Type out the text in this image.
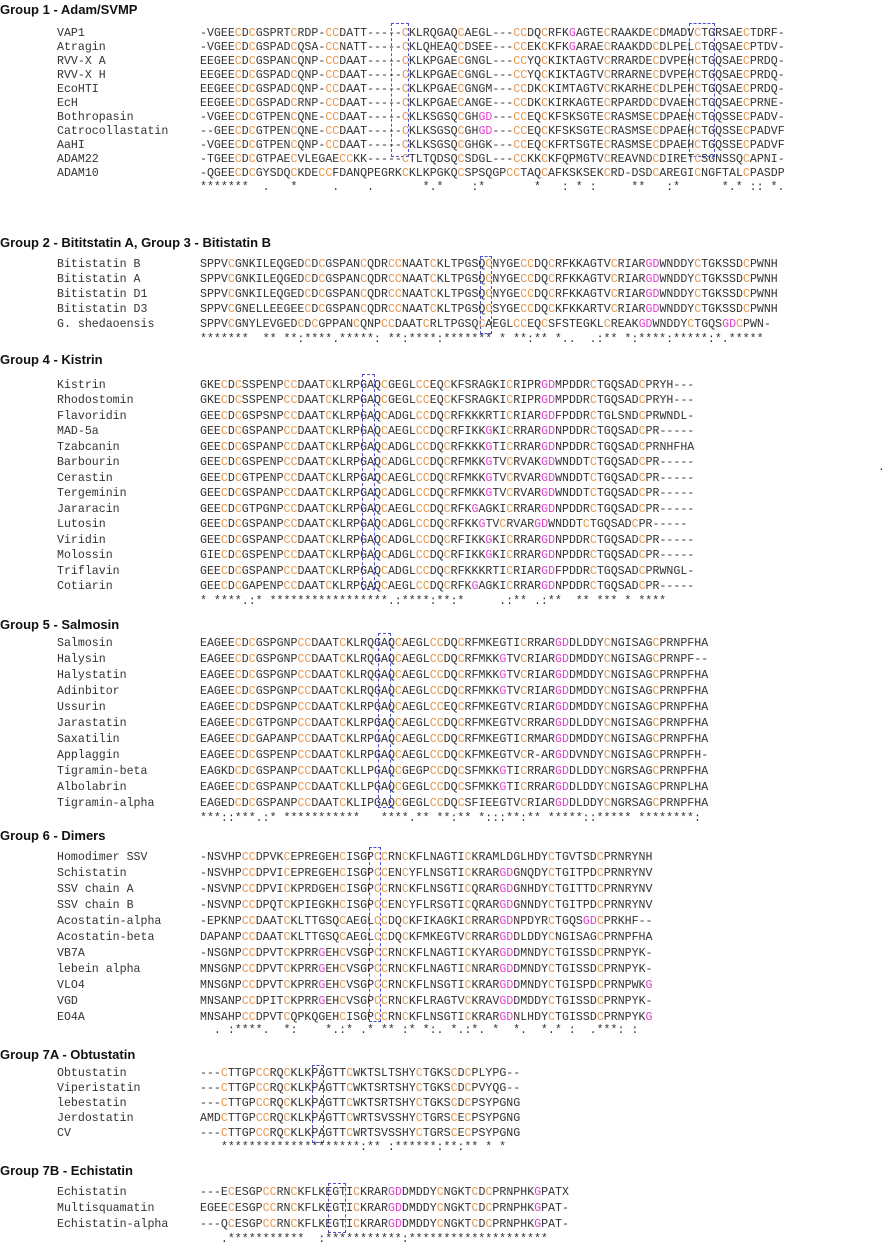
Group 1 - Adam/SVMP
VAP1	-VGEECDCGSPRTCRDP-CCDATT-----CKLRQGAQCAEGL---CCDQCRFKGAGTECRAAKDECDMADVCTGRSAECTDRF-
Atragin	-VGEECDCGSPADCQSA-CCNATT-----CKLQHEAQCDSEE---CCEKCKFKGARAECRAAKDDCDLPELCTGQSAECPTDV-
RVV-X A	EEGEECDCGSPANCQNP-CCDAAT-----CKLKPGAECGNGL---CCYQCKIKTAGTVCRRARDECDVPEHCTGQSAECPRDQ-
RVV-X H	EEGEECDCGSPADCQNP-CCDAAT-----CKLKPGAECGNGL---CCYQCKIKTAGTVCRRARNECDVPEHCTGQSAECPRDQ-
EcoHTI	EEGEECDCGSPADCQNP-CCDAAT-----CKLKPGAECGNGM---CCDKCKIMTAGTVCRKARHECDLPEHCTGQSAECPRDQ-
EcH	EEGEECDCGSPADCRNP-CCDAAT-----CKLKPGAECANGE---CCDKCKIRKAGTECRPARDDCDVAEHCTGQSAECPRNE-
Bothropasin	-VGEECDCGTPENCQNE-CCDAAT-----CKLKSGSQCGHGD---CCEQCKFSKSGTECRASMSECDPAEHCTGQSSECPADV-
Catrocollastatin	--GEECDCGTPENCQNE-CCDAAT-----CKLKSGSQCGHGD---CCEQCKFSKSGTECRASMSECDPAEHCTGQSSECPADVF
AaHI	-VGEECDCGTPENCQNP-CCDAAT-----CKLKSGSQCGHGK---CCEQCKFRTSGTECRASMSECDPAEHCTGQSSECPADVF
ADAM22	-TGEECDCGTPAECVLEGAECCKK-----CTLTQDSQCSDGL---CCKKCKFQPMGTVCREAVNDCDIRETCSGNSSQCAPNI-
ADAM10	-QGEECDCGYSDQCKDECCFDANQPEGRKCKLKPGKQCSPSQGPCCTAQCAFKSKSEKCRD-DSDCAREGICNGFTALCPASDP
*******  .   *     .    .       *.*    :*       *   : * :     **   :*      *.* :: *.
Group 2 - Bititstatin A, Group 3 - Bitistatin B
Bitistatin B	SPPVCGNKILEQGEDCDCGSPANCQDRCCNAATCKLTPGSQCNYGECCDQCRFKKAGTVCRIARGDWNDDYCTGKSSDCPWNH
Bitistatin A	SPPVCGNKILEQGEDCDCGSPANCQDRCCNAATCKLTPGSQCNYGECCDQCRFKKAGTVCRIARGDWNDDYCTGKSSDCPWNH
Bitistatin D1	SPPVCGNKILEQGEDCDCGSPANCQDRCCNAATCKLTPGSQCNYGECCDQCRFKKAGTVCRIARGDWNDDYCTGKSSDCPWNH
Bitistatin D3	SPPVCGNELLEEGEECDCGSPANCQDRCCNAATCKLTPGSQCSYGECCDQCKFKKARTVCRIARGDWNDDYCTGKSSDCPWNH
G. shedaoensis	SPPVCGNYLEVGEDCDCGPPANCQNPCCDAATCRLTPGSQCAEGLCCEQCSFSTEGKLCREAKGDWNDDYCTGQSGDCPWN-
*******  ** **:****.*****: **:****:******* * **:** *..  .:** *:****:*****:*.*****
Group 4 - Kistrin
Kistrin	GKECDCSSPENPCCDAATCKLRPGAQCGEGLCCEQCKFSRAGKICRIPRGDMPDDRCTGQSADCPRYH---
Rhodostomin	GKECDCSSPENPCCDAATCKLRPGAQCGEGLCCEQCKFSRAGKICRIPRGDMPDDRCTGQSADCPRYH---
Flavoridin	GEECDCGSPSNPCCDAATCKLRPGAQCADGLCCDQCRFKKKRTICRIARGDFPDDRCTGLSNDCPRWNDL-
MAD-5a	GEECDCGSPANPCCDAATCKLRPGAQCAEGLCCDQCRFIKKGKICRRARGDNPDDRCTGQSADCPR-----
Tzabcanin	GEECDCGSPANPCCDAATCKLRPGAQCADGLCCDQCRFKKKGTICRRARGDNPDDRCTGQSADCPRNHFHA
Barbourin	GEECDCGSPENPCCDAATCKLRPGAQCADGLCCDQCRFMKKGTVCRVAKGDWNDDTCTGQSADCPR-----
Cerastin	GEECDCGTPENPCCDAATCKLRPGAQCAEGLCCDQCRFMKKGTVCRVARGDWNDDTCTGQSADCPR-----
Tergeminin	GEECDCGSPANPCCDAATCKLRPGAQCADGLCCDQCRFMKKGTVCRVARGDWNDDTCTGQSADCPR-----
Jararacin	GEECDCGTPGNPCCDAATCKLRPGAQCAEGLCCDQCRFKGAGKICRRARGDNPDDRCTGQSADCPR-----
Lutosin	GEECDCGSPANPCCDAATCKLRPGAQCADGLCCDQCRFKKGTVCRVARGDWNDDTCTGQSADCPR-----
Viridin	GEECDCGSPANPCCDAATCKLRPGAQCADGLCCDQCRFIKKGKICRRARGDNPDDRCTGQSADCPR-----
Molossin	GIECDCGSPENPCCDAATCKLRPGAQCADGLCCDQCRFIKKGKICRRARGDNPDDRCTGQSADCPR-----
Triflavin	GEECDCGSPANPCCDAATCKLRPGAQCADGLCCDQCRFKKKRTICRIARGDFPDDRCTGQSADCPRWNGL-
Cotiarin	GEECDCGAPENPCCDAATCKLRPGAQCAEGLCCDQCRFKGAGKICRRARGDNPDDRCTGQSADCPR-----
* ****.:* *****************.:****:**:*     .:** .:**  ** *** * ****
.
Group 5 - Salmosin
Salmosin	EAGEECDCGSPGNPCCDAATCKLRQGAQCAEGLCCDQCRFMKEGTICRRARGDDLDDYCNGISAGCPRNPFHA
Halysin	EAGEECDCGSPGNPCCDAATCKLRQGAQCAEGLCCDQCRFMKKGTVCRIARGDDMDDYCNGISAGCPRNPF--
Halystatin	EAGEECDCGSPGNPCCDAATCKLRQGAQCAEGLCCDQCRFMKKGTVCRIARGDDMDDYCNGISAGCPRNPFHA
Adinbitor	EAGEECDCGSPGNPCCDAATCKLRQGAQCAEGLCCDQCRFMKKGTVCRIARGDDMDDYCNGISAGCPRNPFHA
Ussurin	EAGEECDCDSPGNPCCDAATCKLRPGAQCAEGLCCEQCRFMKEGTVCRIARGDDMDDYCNGISAGCPRNPFHA
Jarastatin	EAGEECDCGTPGNPCCDAATCKLRPGAQCAEGLCCDQCRFMKEGTVCRRARGDDLDDYCNGISAGCPRNPFHA
Saxatilin	EAGEECDCGAPANPCCDAATCKLRPGAQCAEGLCCDQCRFMKEGTICRMARGDDMDDYCNGISAGCPRNPFHA
Applaggin	EAGEECDCGSPENPCCDAATCKLRPGAQCAEGLCCDQCKFMKEGTVCR-ARGDDVNDYCNGISAGCPRNPFH-
Tigramin-beta	EAGKDCDCGSPANPCCDAATCKLLPGAQCGEGPCCDQCSFMKKGTICRRARGDDLDDYCNGRSAGCPRNPFHA
Albolabrin	EAGEECDCGSPANPCCDAATCKLLPGAQCGEGLCCDQCSFMKKGTICRRARGDDLDDYCNGISAGCPRNPLHA
Tigramin-alpha	EAGEDCDCGSPANPCCDAATCKLIPGAQCGEGLCCDQCSFIEEGTVCRIARGDDLDDYCNGRSAGCPRNPFHA
***::***.:* ***********   ****.** **:** *:::**:** *****::***** ********:
Group 6 - Dimers
Homodimer SSV	-NSVHPCCDPVKCEPREGEHCISGPCCRNCKFLNAGTICKRAMLDGLHDYCTGVTSDCPRNRYNH
Schistatin	-NSVHPCCDPVICEPREGEHCISGPCCENCYFLNSGTICKRARGDGNQDYCTGITPDCPRNRYNV
SSV chain A	-NSVNPCCDPVICKPRDGEHCISGPCCRNCKFLNSGTICQRARGDGNHDYCTGITTDCPRNRYNV
SSV chain B	-NSVNPCCDPQTCKPIEGKHCISGPCCENCYFLRSGTICQRARGDGNNDYCTGITPDCPRNRYNV
Acostatin-alpha	-EPKNPCCDAATCKLTTGSQCAEGLCCDQCKFIKAGKICRRARGDNPDYRCTGQSGDCPRKHF--
Acostatin-beta	DAPANPCCDAATCKLTTGSQCAEGLCCDQCKFMKEGTVCRRARGDDLDDYCNGISAGCPRNPFHA
VB7A	-NSGNPCCDPVTCKPRRGEHCVSGPCCRNCKFLNAGTICKYARGDDMNDYCTGISSDCPRNPYK-
lebein alpha	MNSGNPCCDPVTCKPRRGEHCVSGPCCRNCKFLNAGTICNRARGDDMNDYCTGISSDCPRNPYK-
VLO4	MNSGNPCCDPVTCKPRRGEHCVSGPCCRNCKFLNSGTICKRARGDDMNDYCTGISPDCPRNPWKG
VGD	MNSANPCCDPITCKPRRGEHCVSGPCCRNCKFLRAGTVCKRAVGDDMDDYCTGISSDCPRNPYK-
EO4A	MNSAHPCCDPVTCQPKQGEHCISGPCCRNCKFLNSGTICKRARGDNLHDYCTGISSDCPRNPYKG
. :****.  *:    *.:* .* ** :* *:. *.:*. *  *.  *.* :  .***: :
Group 7A - Obtustatin
Obtustatin	---CTTGPCCRQCKLKPAGTTCWKTSLTSHYCTGKSCDCPLYPG--
Viperistatin	---CTTGPCCRQCKLKPAGTTCWKTSRTSHYCTGKSCDCPVYQG--
lebestatin	---CTTGPCCRQCKLKPAGTTCWKTSRTSHYCTGKSCDCPSYPGNG
Jerdostatin	AMDCTTGPCCRQCKLKPAGTTCWRTSVSSHYCTGRSCECPSYPGNG
CV	---CTTGPCCRQCKLKPAGTTCWRTSVSSHYCTGRSCECPSYPGNG
********************:** :******:**:** * *
Group 7B - Echistatin
Echistatin	---ECESGPCCRNCKFLKEGTICKRARGDDMDDYCNGKTCDCPRNPHKGPATX
Multisquamatin	EGEECESGPCCRNCKFLKEGTICKRARGDDMDDYCNGKTCDCPRNPHKGPAT-
Echistatin-alpha	---QCESGPCCRNCKFLKEGTICKRARGDDMDDYCNGKTCDCPRNPHKGPAT-
.***********  :***********:********************
